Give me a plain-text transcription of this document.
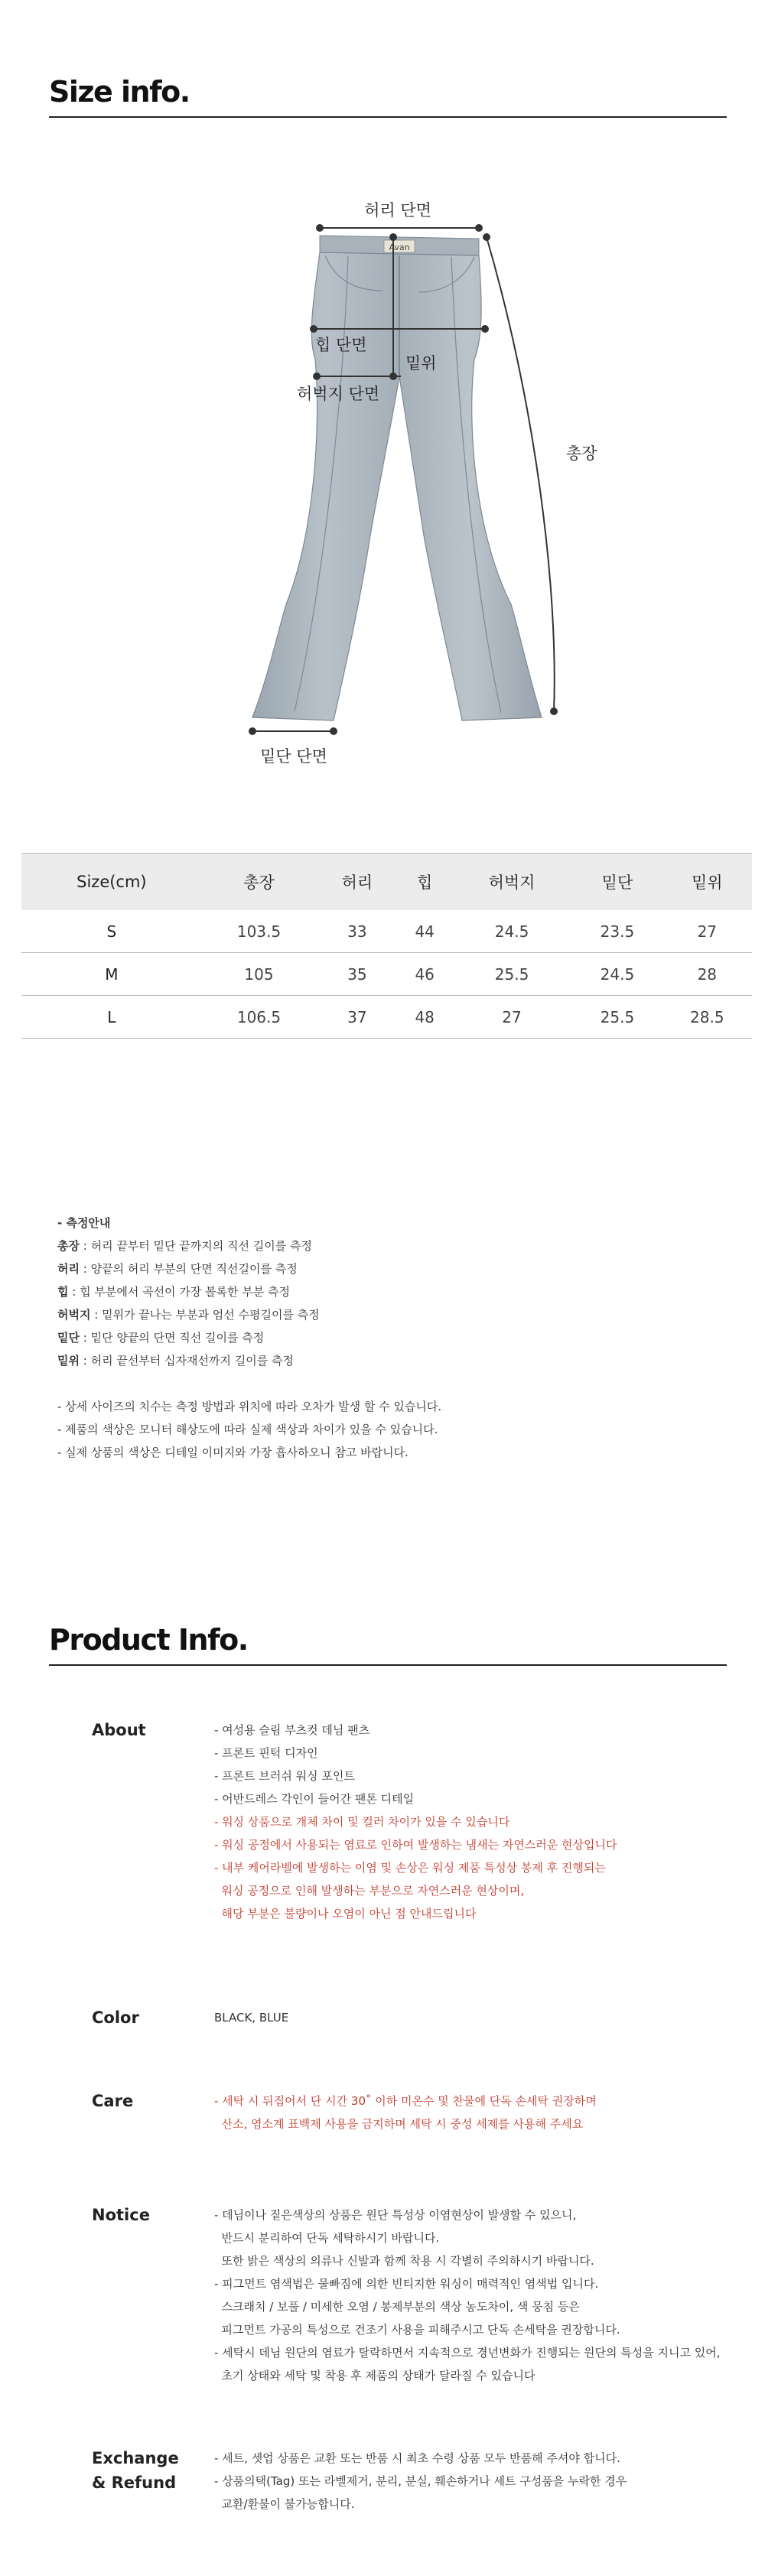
Size info.
Avan
허리 단면
힙 단면
밑위
허벅지 단면
총장
밑단 단면
Size(cm)	총장	허리	힙	허벅지	밑단	밑위
S	103.5	33	44	24.5	23.5	27
M	105	35	46	25.5	24.5	28
L	106.5	37	48	27	25.5	28.5
- 측정안내
총장 : 허리 끝부터 밑단 끝까지의 직선 길이를 측정
허리 : 양끝의 허리 부분의 단면 직선길이를 측정
힙 : 힙 부분에서 곡선이 가장 볼록한 부분 측정
허벅지 : 밑위가 끝나는 부분과 엄선 수평길이를 측정
밑단 : 밑단 양끝의 단면 직선 길이를 측정
밑위 : 허리 끝선부터 십자재선까지 길이를 측정
- 상세 사이즈의 치수는 측정 방법과 위치에 따라 오차가 발생 할 수 있습니다.
- 제품의 색상은 모니터 해상도에 따라 실제 색상과 차이가 있을 수 있습니다.
- 실제 상품의 색상은 디테일 이미지와 가장 흡사하오니 참고 바랍니다.
Product Info.
About	- 여성용 슬림 부츠컷 데님 팬츠
- 프론트 핀턱 디자인
- 프론트 브러쉬 워싱 포인트
- 어반드레스 각인이 들어간 팬톤 디테일
- 워싱 상품으로 개체 차이 및 컬러 차이가 있을 수 있습니다
- 워싱 공정에서 사용되는 염료로 인하여 발생하는 냄새는 자연스러운 현상입니다
- 내부 케어라벨에 발생하는 이염 및 손상은 워싱 제품 특성상 봉제 후 진행되는
워싱 공정으로 인해 발생하는 부분으로 자연스러운 현상이며,
해당 부분은 불량이나 오염이 아닌 점 안내드립니다
Color	BLACK, BLUE
Care	- 세탁 시 뒤집어서 단 시간 30˚ 이하 미온수 및 찬물에 단독 손세탁 권장하며
산소, 염소계 표백제 사용을 금지하며 세탁 시 중성 세제를 사용해 주세요
Notice	- 데님이나 짙은색상의 상품은 원단 특성상 이염현상이 발생할 수 있으니,
반드시 분리하여 단독 세탁하시기 바랍니다.
또한 밝은 색상의 의류나 신발과 함께 착용 시 각별히 주의하시기 바랍니다.
- 피그먼트 염색법은 물빠짐에 의한 빈티지한 워싱이 매력적인 염색법 입니다.
스크래치 / 보풀 / 미세한 오염 / 봉제부분의 색상 농도차이, 색 뭉침 등은
피그먼트 가공의 특성으로 건조기 사용을 피해주시고 단독 손세탁을 권장합니다.
- 세탁시 데님 원단의 염료가 탈락하면서 지속적으로 경년변화가 진행되는 원단의 특성을 지니고 있어,
초기 상태와 세탁 및 착용 후 제품의 상태가 달라질 수 있습니다
Exchange
& Refund
- 세트, 셋업 상품은 교환 또는 반품 시 최초 수령 상품 모두 반품해 주셔야 합니다.
- 상품의택(Tag) 또는 라벨제거, 분리, 분실, 훼손하거나 세트 구성품을 누락한 경우
교환/환불이 불가능합니다.
